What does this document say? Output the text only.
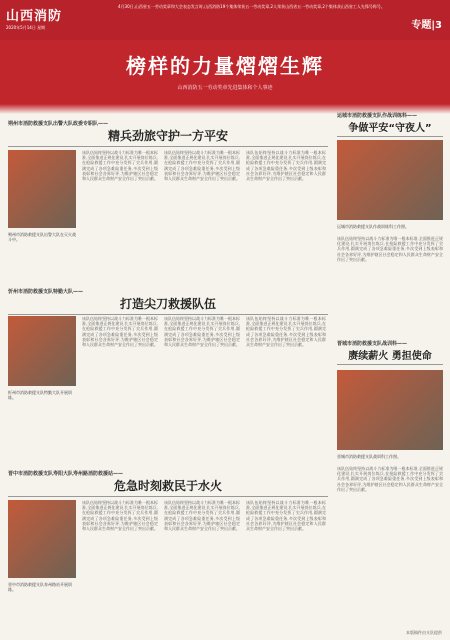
山西消防
2020年5月14日 星期
4月30日,山西省五一劳动奖章和大会表态发言时,山西消防19个集体荣获五一劳动奖章,2人荣获山西省五一劳动奖章,2个集体获山西省工人先锋号称号。
专题|3
榜样的力量熠熠生辉
山西消防五一劳动奖章先进集体和个人事迹
朔州市消防救援支队出警大队政委专职队——
精兵劲旅守护一方平安
朔州市消防救援支队出警大队在灭火战斗中。
该队伍始终坚持以战斗力标准为唯一根本标准,全面推进正规化建设,扎实开展岗位练兵,在抢险救援工作中充分发挥了尖兵作用,圆满完成了各项急难险重任务,多次受到上级表彰和社会各界好评,为维护辖区社会稳定和人民群众生命财产安全作出了突出贡献。
该队伍始终坚持以战斗力标准为唯一根本标准,全面推进正规化建设,扎实开展岗位练兵,在抢险救援工作中充分发挥了尖兵作用,圆满完成了各项急难险重任务,多次受到上级表彰和社会各界好评,为维护辖区社会稳定和人民群众生命财产安全作出了突出贡献。
该队伍始终坚持以战斗力标准为唯一根本标准,全面推进正规化建设,扎实开展岗位练兵,在抢险救援工作中充分发挥了尖兵作用,圆满完成了各项急难险重任务,多次受到上级表彰和社会各界好评,为维护辖区社会稳定和人民群众生命财产安全作出了突出贡献。
忻州市消防救援支队特勤大队——
打造尖刀救援队伍
忻州市消防救援支队特勤大队开展训练。
该队伍始终坚持以战斗力标准为唯一根本标准,全面推进正规化建设,扎实开展岗位练兵,在抢险救援工作中充分发挥了尖兵作用,圆满完成了各项急难险重任务,多次受到上级表彰和社会各界好评,为维护辖区社会稳定和人民群众生命财产安全作出了突出贡献。
该队伍始终坚持以战斗力标准为唯一根本标准,全面推进正规化建设,扎实开展岗位练兵,在抢险救援工作中充分发挥了尖兵作用,圆满完成了各项急难险重任务,多次受到上级表彰和社会各界好评,为维护辖区社会稳定和人民群众生命财产安全作出了突出贡献。
该队伍始终坚持以战斗力标准为唯一根本标准,全面推进正规化建设,扎实开展岗位练兵,在抢险救援工作中充分发挥了尖兵作用,圆满完成了各项急难险重任务,多次受到上级表彰和社会各界好评,为维护辖区社会稳定和人民群众生命财产安全作出了突出贡献。
晋中市消防救援支队寿阳大队寿州路消防救援站——
危急时刻救民于水火
晋中市消防救援支队寿州路站开展训练。
该队伍始终坚持以战斗力标准为唯一根本标准,全面推进正规化建设,扎实开展岗位练兵,在抢险救援工作中充分发挥了尖兵作用,圆满完成了各项急难险重任务,多次受到上级表彰和社会各界好评,为维护辖区社会稳定和人民群众生命财产安全作出了突出贡献。
该队伍始终坚持以战斗力标准为唯一根本标准,全面推进正规化建设,扎实开展岗位练兵,在抢险救援工作中充分发挥了尖兵作用,圆满完成了各项急难险重任务,多次受到上级表彰和社会各界好评,为维护辖区社会稳定和人民群众生命财产安全作出了突出贡献。
该队伍始终坚持以战斗力标准为唯一根本标准,全面推进正规化建设,扎实开展岗位练兵,在抢险救援工作中充分发挥了尖兵作用,圆满完成了各项急难险重任务,多次受到上级表彰和社会各界好评,为维护辖区社会稳定和人民群众生命财产安全作出了突出贡献。
运城市消防救援支队作战训练科——
争做平安“守夜人”
运城市消防救援支队作战训练科工作照。
该队伍始终坚持以战斗力标准为唯一根本标准,全面推进正规化建设,扎实开展岗位练兵,在抢险救援工作中充分发挥了尖兵作用,圆满完成了各项急难险重任务,多次受到上级表彰和社会各界好评,为维护辖区社会稳定和人民群众生命财产安全作出了突出贡献。
晋城市消防救援支队战训科——
赓续薪火 勇担使命
晋城市消防救援支队战训科工作照。
该队伍始终坚持以战斗力标准为唯一根本标准,全面推进正规化建设,扎实开展岗位练兵,在抢险救援工作中充分发挥了尖兵作用,圆满完成了各项急难险重任务,多次受到上级表彰和社会各界好评,为维护辖区社会稳定和人民群众生命财产安全作出了突出贡献。
本版稿件由支队提供
